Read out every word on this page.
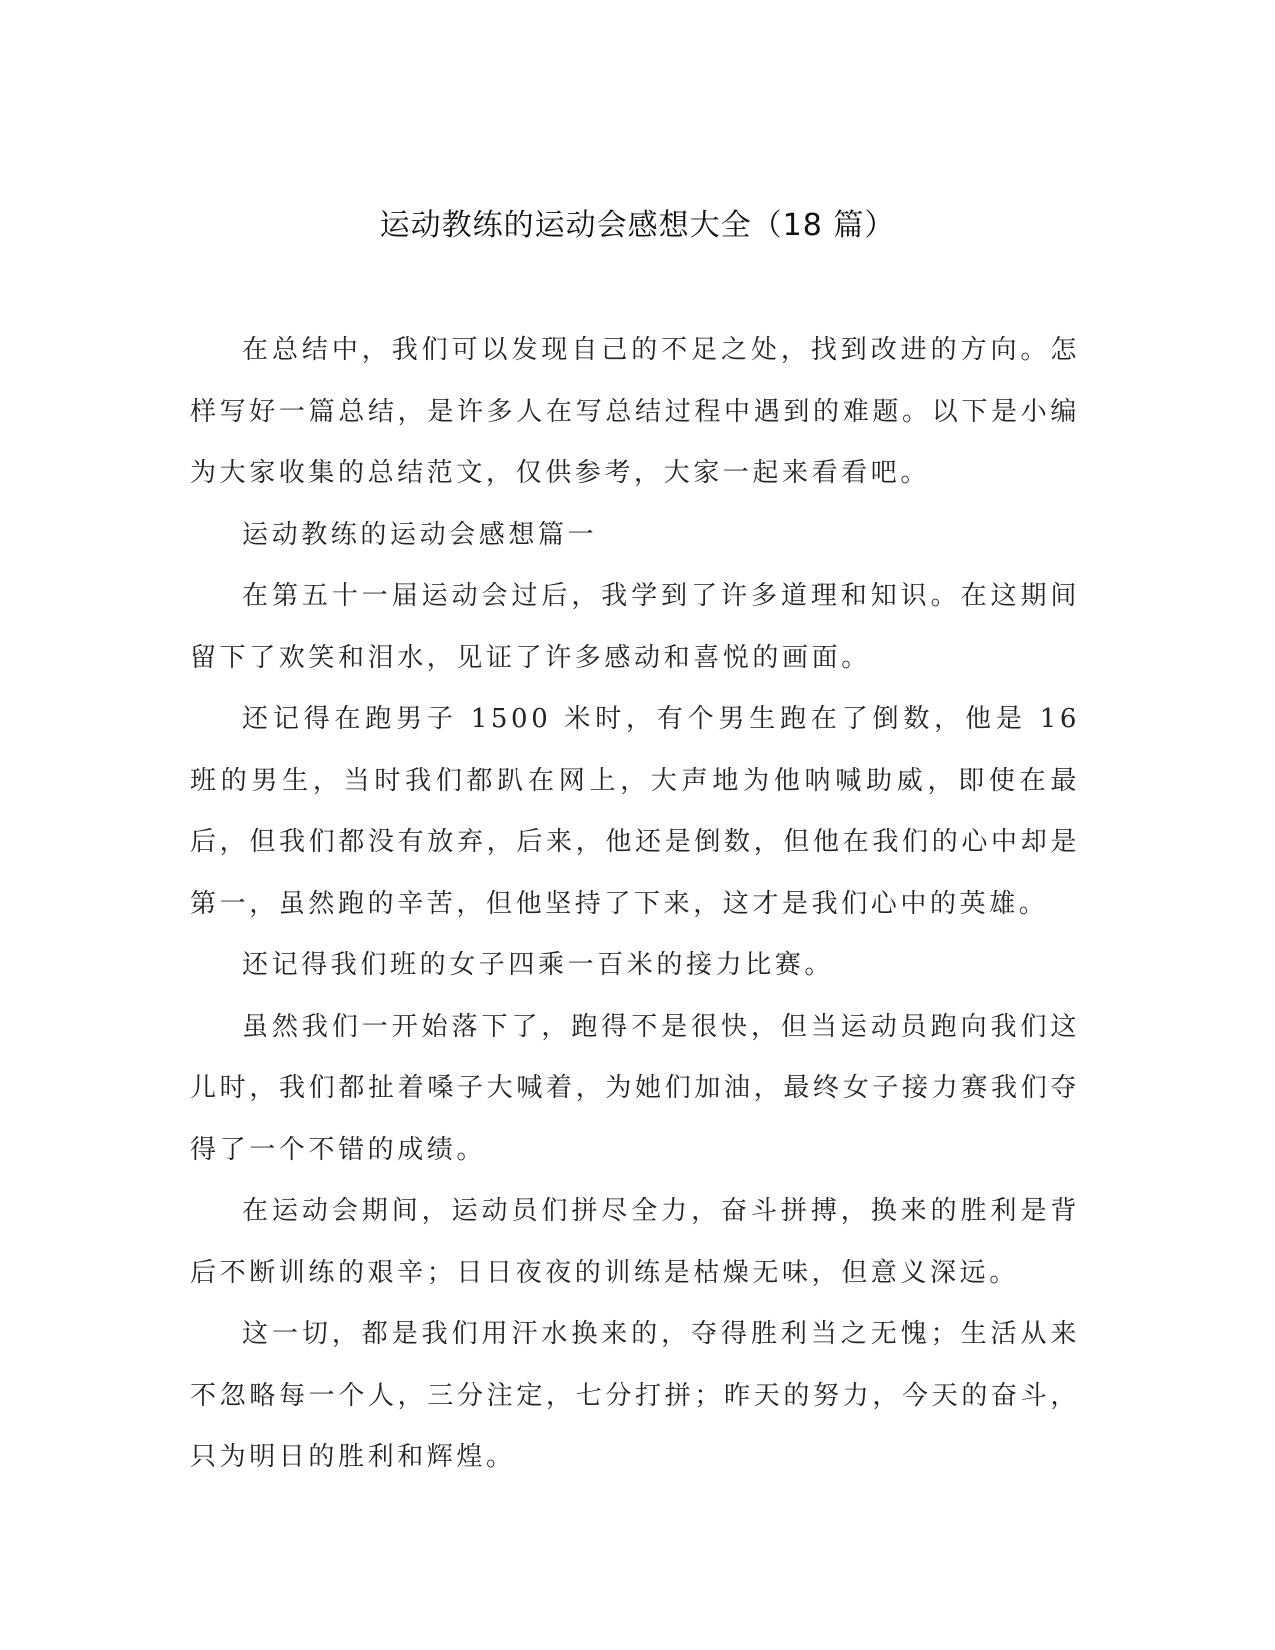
运动教练的运动会感想大全（18 篇）

在总结中，我们可以发现自己的不足之处，找到改进的方向。怎样写好一篇总结，是许多人在写总结过程中遇到的难题。以下是小编为大家收集的总结范文，仅供参考，大家一起来看看吧。

运动教练的运动会感想篇一

在第五十一届运动会过后，我学到了许多道理和知识。在这期间留下了欢笑和泪水，见证了许多感动和喜悦的画面。

还记得在跑男子 1500 米时，有个男生跑在了倒数，他是 16 班的男生，当时我们都趴在网上，大声地为他呐喊助威，即使在最后，但我们都没有放弃，后来，他还是倒数，但他在我们的心中却是第一，虽然跑的辛苦，但他坚持了下来，这才是我们心中的英雄。

还记得我们班的女子四乘一百米的接力比赛。

虽然我们一开始落下了，跑得不是很快，但当运动员跑向我们这儿时，我们都扯着嗓子大喊着，为她们加油，最终女子接力赛我们夺得了一个不错的成绩。

在运动会期间，运动员们拼尽全力，奋斗拼搏，换来的胜利是背后不断训练的艰辛；日日夜夜的训练是枯燥无味，但意义深远。

这一切，都是我们用汗水换来的，夺得胜利当之无愧；生活从来不忽略每一个人，三分注定，七分打拼；昨天的努力，今天的奋斗，只为明日的胜利和辉煌。
